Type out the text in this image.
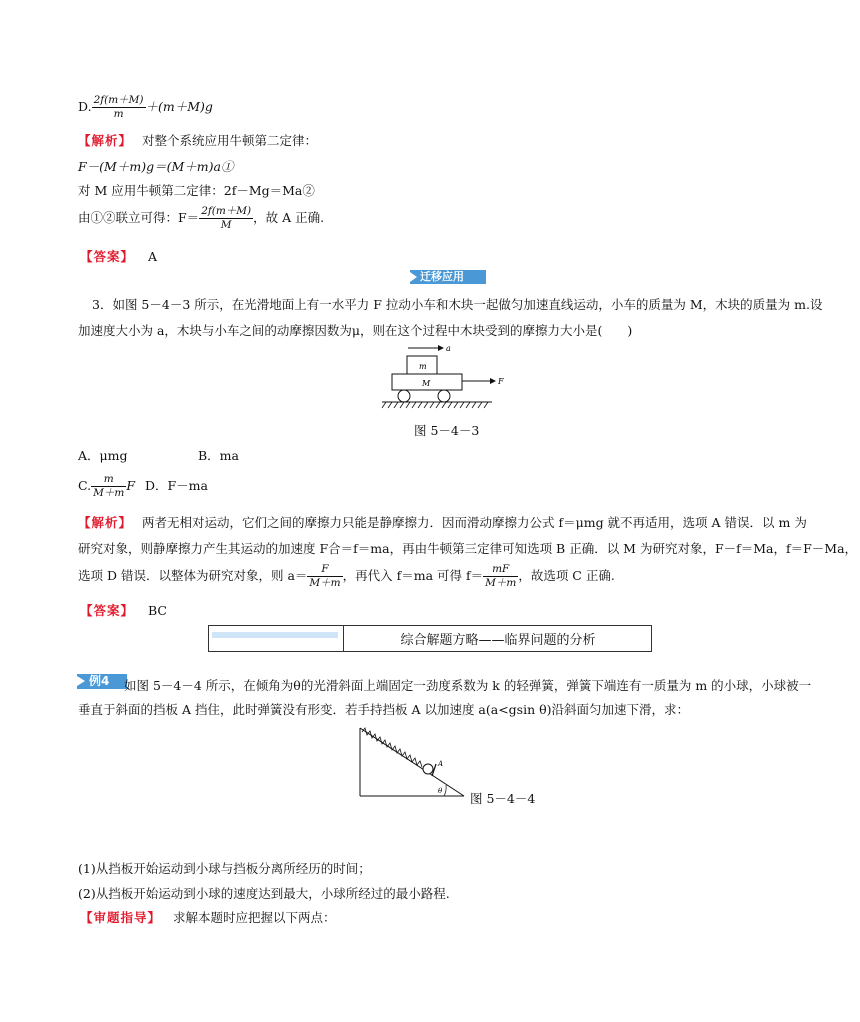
D. $\frac{2f(m+M)}{m} +(m+M)g$
【解析】 对整个系统应用牛顿第二定律：
F－(M＋m)g＝(M＋m)a①
对 M 应用牛顿第二定律：2f－Mg＝Ma②
由①②联立可得：$F= \frac{2f(m+M)}{M}$ ，故 A 正确.
【答案】 A
迁移应用
3．如图 5－4－3 所示，在光滑地面上有一水平力 F 拉动小车和木块一起做匀加速直线运动，小车的质量为 M，木块的质量为 m.设
加速度大小为 a，木块与小车之间的动摩擦因数为μ，则在这个过程中木块受到的摩擦力大小是(　　)
a
m
M	F
图 5－4－3
A．μmg	B．ma
C. $\frac{m}{M+m}$ F D．F－ma
【解析】 两者无相对运动，它们之间的摩擦力只能是静摩擦力．因而滑动摩擦力公式 f＝μmg 就不再适用，选项 A 错误．以 m 为
研究对象，则静摩擦力产生其运动的加速度 F合＝f＝ma，再由牛顿第三定律可知选项 B 正确．以 M 为研究对象，F－f＝Ma，f＝F－Ma，
选项 D 错误．以整体为研究对象，则 $a= \frac{F}{M+m}$ ，再代入 f＝ma 可得 $f= \frac{mF}{M+m}$ ，故选项 C 正确.
【答案】 BC
综合解题方略——临界问题的分析
例4	如图 5－4－4 所示，在倾角为θ的光滑斜面上端固定一劲度系数为 k 的轻弹簧，弹簧下端连有一质量为 m 的小球，小球被一
垂直于斜面的挡板 A 挡住，此时弹簧没有形变．若手持挡板 A 以加速度 a(a<gsin θ)沿斜面匀加速下滑，求：
A
θ 图 5－4－4
(1)从挡板开始运动到小球与挡板分离所经历的时间；
(2)从挡板开始运动到小球的速度达到最大，小球所经过的最小路程.
【审题指导】 求解本题时应把握以下两点：
